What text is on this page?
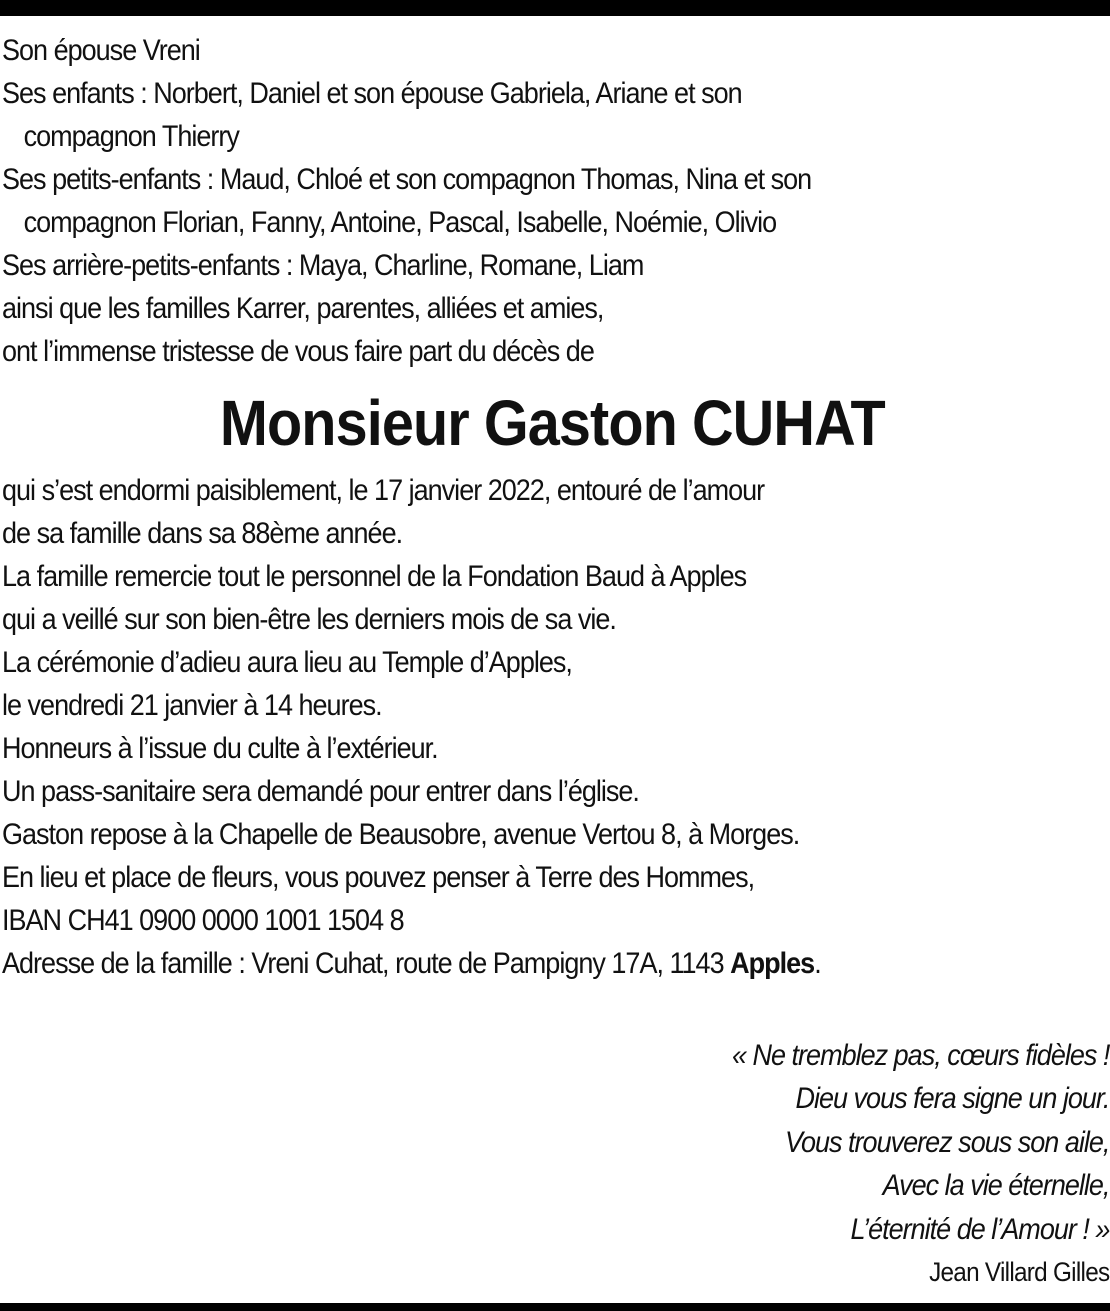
Son épouse Vreni
Ses enfants : Norbert, Daniel et son épouse Gabriela, Ariane et son
compagnon Thierry
Ses petits-enfants : Maud, Chloé et son compagnon Thomas, Nina et son
compagnon Florian, Fanny, Antoine, Pascal, Isabelle, Noémie, Olivio
Ses arrière-petits-enfants : Maya, Charline, Romane, Liam
ainsi que les familles Karrer, parentes, alliées et amies,
ont l’immense tristesse de vous faire part du décès de
Monsieur Gaston CUHAT
qui s’est endormi paisiblement, le 17 janvier 2022, entouré de l’amour
de sa famille dans sa 88ème année.
La famille remercie tout le personnel de la Fondation Baud à Apples
qui a veillé sur son bien-être les derniers mois de sa vie.
La cérémonie d’adieu aura lieu au Temple d’Apples,
le vendredi 21 janvier à 14 heures.
Honneurs à l’issue du culte à l’extérieur.
Un pass-sanitaire sera demandé pour entrer dans l’église.
Gaston repose à la Chapelle de Beausobre, avenue Vertou 8, à Morges.
En lieu et place de fleurs, vous pouvez penser à Terre des Hommes,
IBAN CH41 0900 0000 1001 1504 8
Adresse de la famille : Vreni Cuhat, route de Pampigny 17A, 1143 Apples.
« Ne tremblez pas, cœurs fidèles !
Dieu vous fera signe un jour.
Vous trouverez sous son aile,
Avec la vie éternelle,
L’éternité de l’Amour ! »
Jean Villard Gilles
